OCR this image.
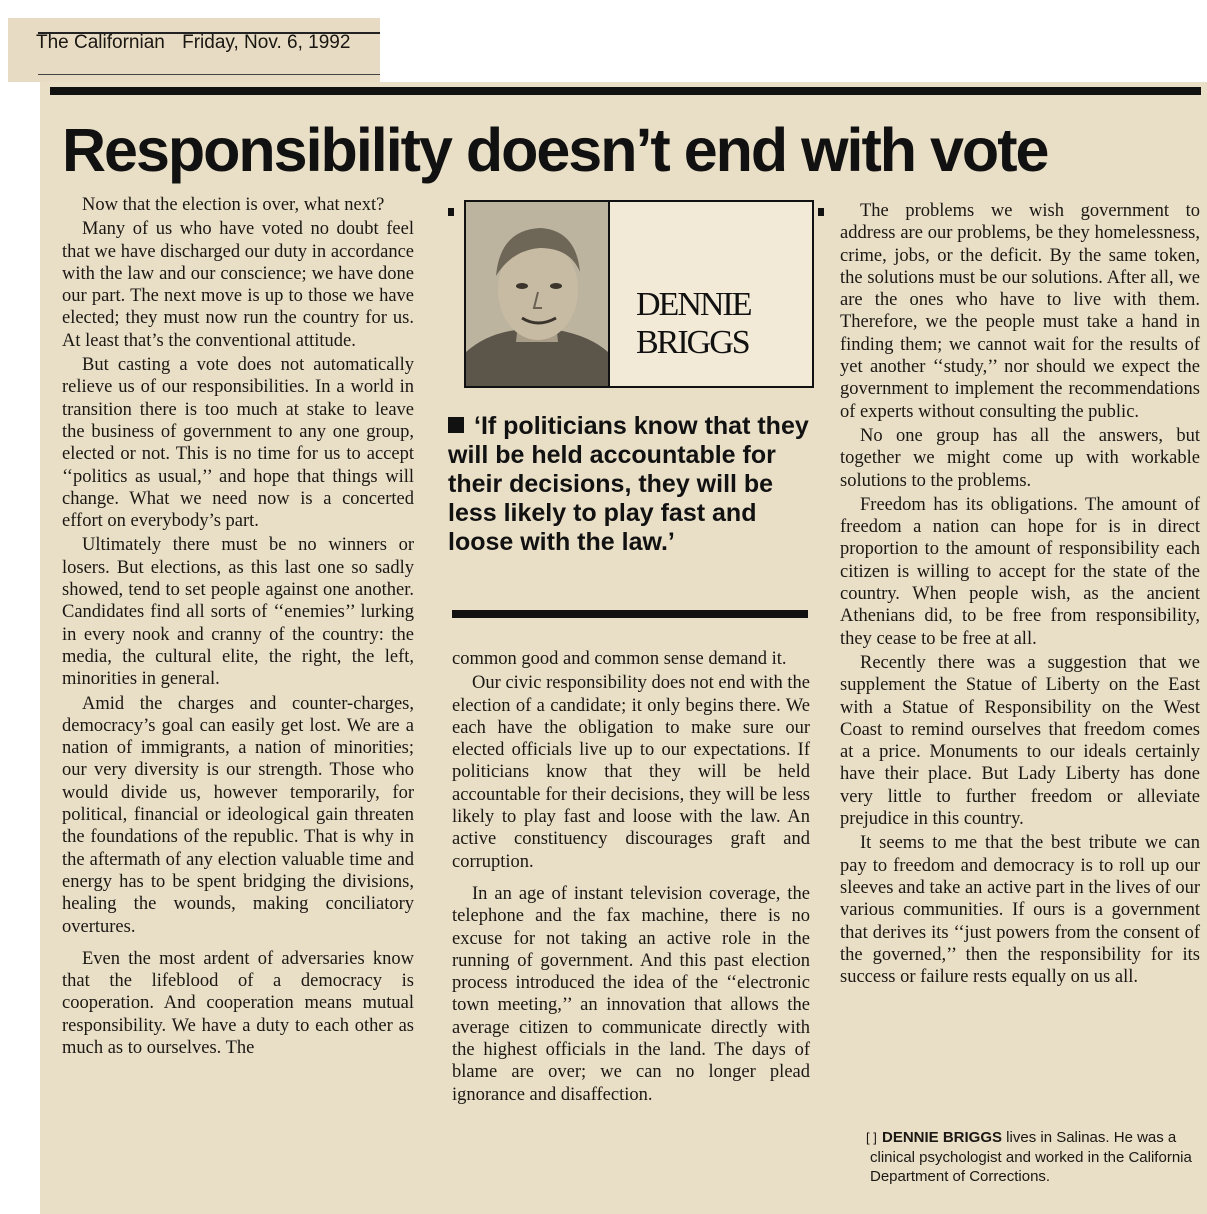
The Californian Friday, Nov. 6, 1992
Responsibility doesn’t end with vote

Now that the election is over, what next?

Many of us who have voted no doubt feel that we have discharged our duty in accordance with the law and our conscience; we have done our part. The next move is up to those we have elected; they must now run the country for us. At least that’s the conventional attitude.

But casting a vote does not automatically relieve us of our responsibilities. In a world in transition there is too much at stake to leave the business of government to any one group, elected or not. This is no time for us to accept ‘‘politics as usual,’’ and hope that things will change. What we need now is a concerted effort on everybody’s part.

Ultimately there must be no winners or losers. But elections, as this last one so sadly showed, tend to set people against one another. Candidates find all sorts of ‘‘enemies’’ lurking in every nook and cranny of the country: the media, the cultural elite, the right, the left, minorities in general.

Amid the charges and counter-charges, democracy’s goal can easily get lost. We are a nation of immigrants, a nation of minorities; our very diversity is our strength. Those who would divide us, however temporarily, for political, financial or ideological gain threaten the foundations of the republic. That is why in the aftermath of any election valuable time and energy has to be spent bridging the divisions, healing the wounds, making conciliatory overtures.

Even the most ardent of adversaries know that the lifeblood of a democracy is cooperation. And cooperation means mutual responsibility. We have a duty to each other as much as to ourselves. The

DENNIE
BRIGGS
‘If politicians know that they will be held accountable for their decisions, they will be less likely to play fast and loose with the law.’

common good and common sense demand it.

Our civic responsibility does not end with the election of a candidate; it only begins there. We each have the obligation to make sure our elected officials live up to our expectations. If politicians know that they will be held accountable for their decisions, they will be less likely to play fast and loose with the law. An active constituency discourages graft and corruption.

In an age of instant television coverage, the telephone and the fax machine, there is no excuse for not taking an active role in the running of government. And this past election process introduced the idea of the ‘‘electronic town meeting,’’ an innovation that allows the average citizen to communicate directly with the highest officials in the land. The days of blame are over; we can no longer plead ignorance and disaffection.

The problems we wish government to address are our problems, be they homelessness, crime, jobs, or the deficit. By the same token, the solutions must be our solutions. After all, we are the ones who have to live with them. Therefore, we the people must take a hand in finding them; we cannot wait for the results of yet another ‘‘study,’’ nor should we expect the government to implement the recommendations of experts without consulting the public.

No one group has all the answers, but together we might come up with workable solutions to the problems.

Freedom has its obligations. The amount of freedom a nation can hope for is in direct proportion to the amount of responsibility each citizen is willing to accept for the state of the country. When people wish, as the ancient Athenians did, to be free from responsibility, they cease to be free at all.

Recently there was a suggestion that we supplement the Statue of Liberty on the East with a Statue of Responsibility on the West Coast to remind ourselves that freedom comes at a price. Monuments to our ideals certainly have their place. But Lady Liberty has done very little to further freedom or alleviate prejudice in this country.

It seems to me that the best tribute we can pay to freedom and democracy is to roll up our sleeves and take an active part in the lives of our various communities. If ours is a government that derives its ‘‘just powers from the consent of the governed,’’ then the responsibility for its success or failure rests equally on us all.

[ ] DENNIE BRIGGS lives in Salinas. He was a clinical psychologist and worked in the California Department of Corrections.
